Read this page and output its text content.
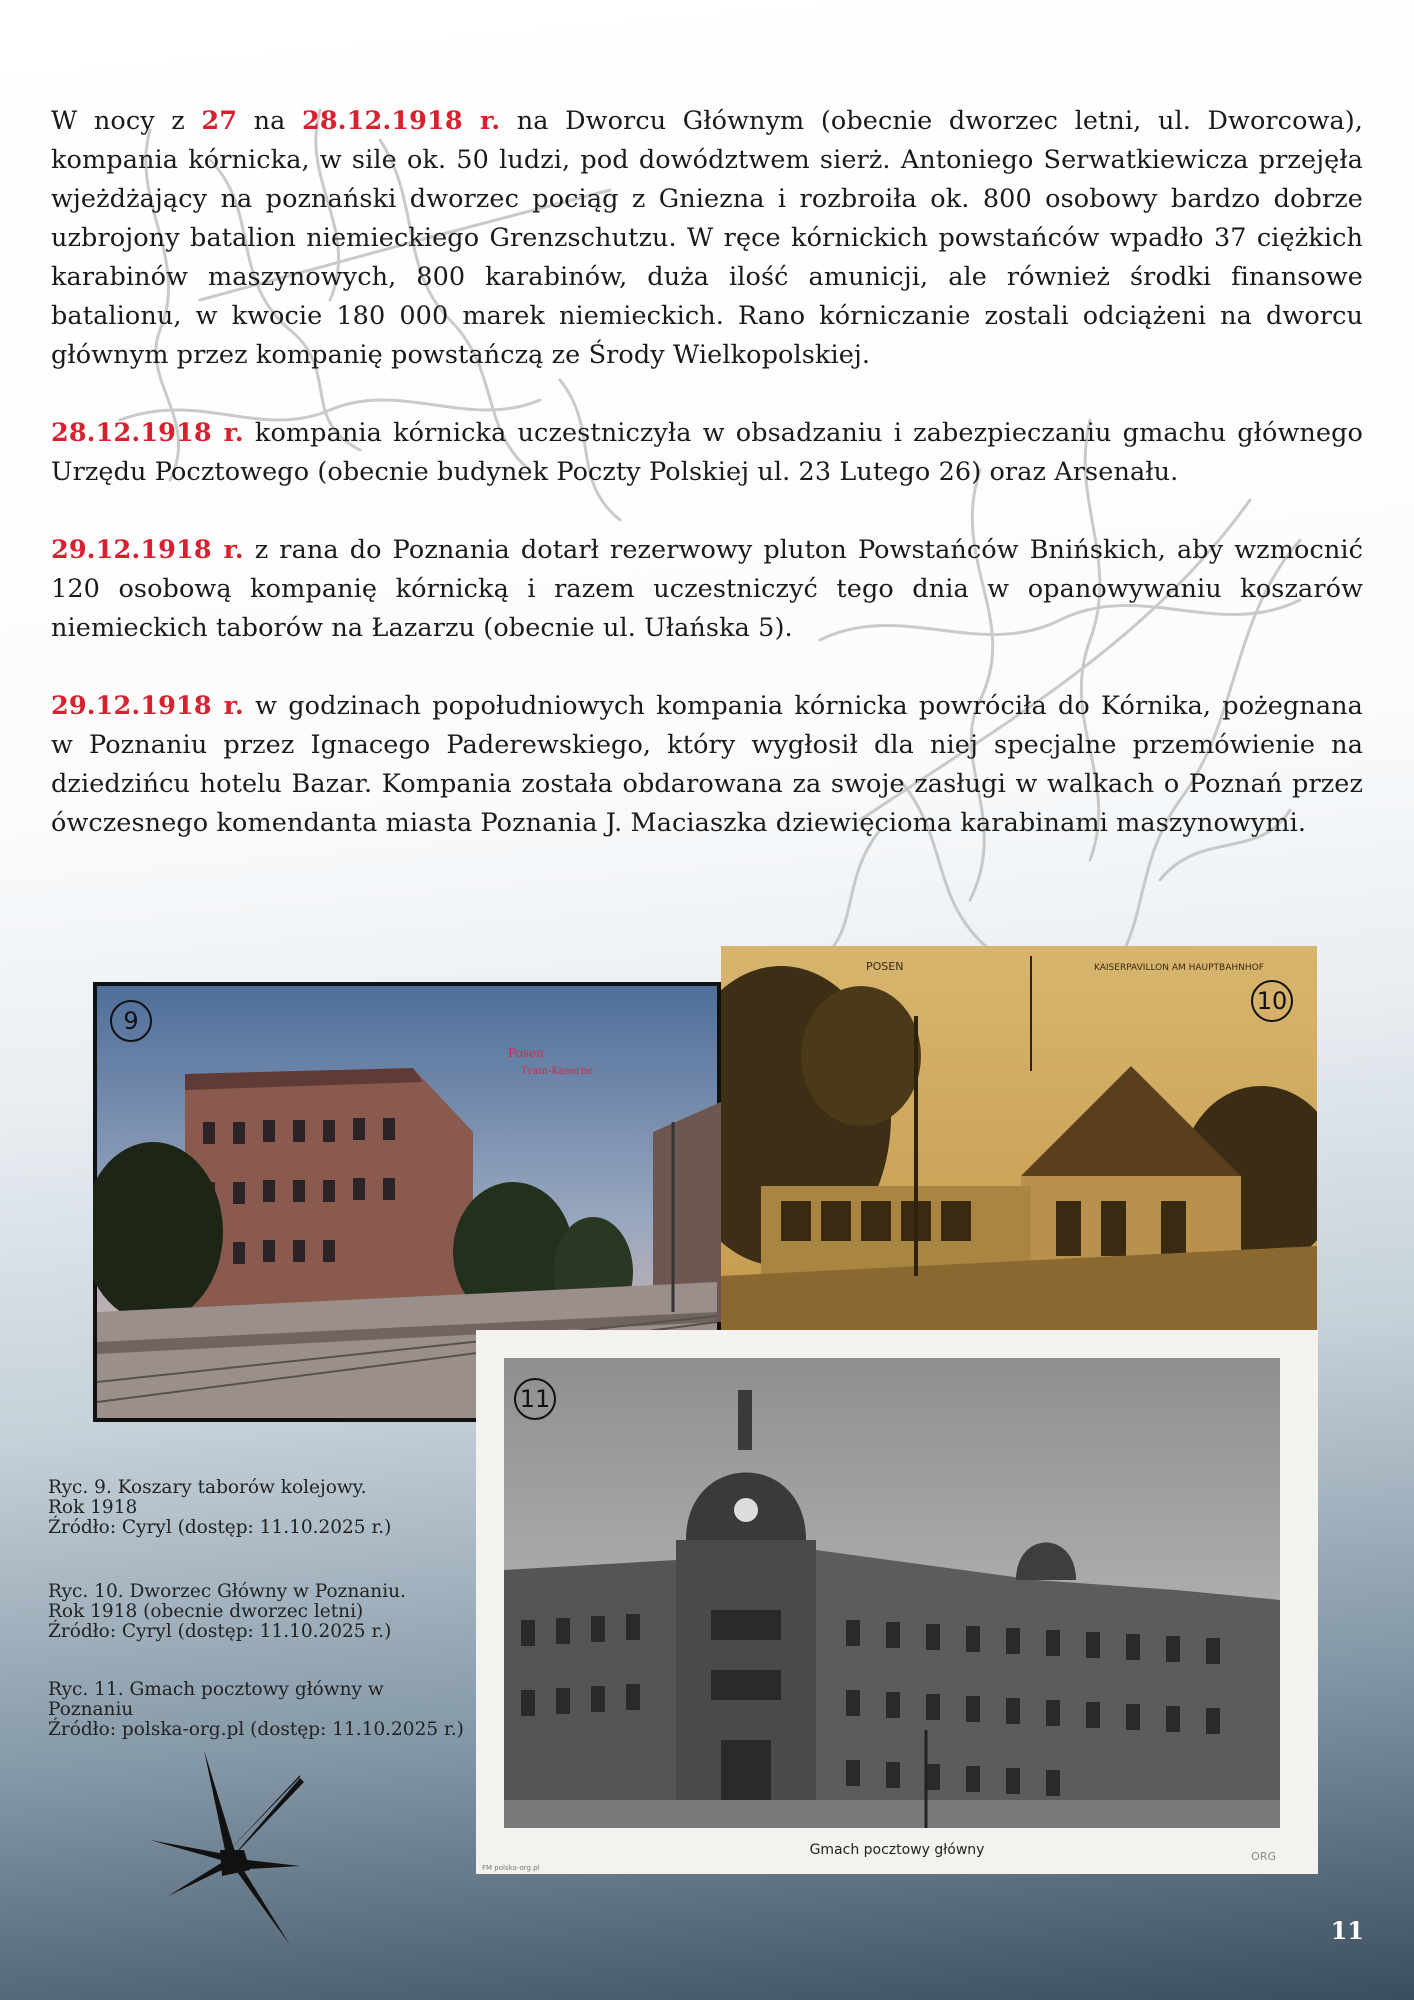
W nocy z 27 na 28.12.1918 r. na Dworcu Głównym (obecnie dworzec letni, ul. Dworcowa), kompania kórnicka, w sile ok. 50 ludzi, pod dowództwem sierż. Antoniego Serwatkiewicza przejęła wjeżdżający na poznański dworzec pociąg z Gniezna i rozbroiła ok. 800 osobowy bardzo dobrze uzbrojony batalion niemieckiego Grenzschutzu. W ręce kórnickich powstańców wpadło 37 ciężkich karabinów maszynowych, 800 karabinów, duża ilość amunicji, ale również środki finansowe batalionu, w kwocie 180 000 marek niemieckich. Rano kórniczanie zostali odciążeni na dworcu głównym przez kompanię powstańczą ze Środy Wielkopolskiej.

28.12.1918 r. kompania kórnicka uczestniczyła w obsadzaniu i zabezpieczaniu gmachu głównego Urzędu Pocztowego (obecnie budynek Poczty Polskiej ul. 23 Lutego 26) oraz Arsenału.

29.12.1918 r. z rana do Poznania dotarł rezerwowy pluton Powstańców Bnińskich, aby wzmocnić 120 osobową kompanię kórnicką i razem uczestniczyć tego dnia w opanowywaniu koszarów niemieckich taborów na Łazarzu (obecnie ul. Ułańska 5).

29.12.1918 r. w godzinach popołudniowych kompania kórnicka powróciła do Kórnika, pożegnana w Poznaniu przez Ignacego Paderewskiego, który wygłosił dla niej specjalne przemówienie na dziedzińcu hotelu Bazar. Kompania została obdarowana za swoje zasługi w walkach o Poznań przez ówczesnego komendanta miasta Poznania J. Maciaszka dziewięcioma karabinami maszynowymi.

Posen
Train-Kaserne
9
POSEN	KAISERPAVILLON AM HAUPTBAHNHOF
10
Gmach pocztowy główny	ORG
FM polska-org.pl
11
Ryc. 9. Koszary taborów kolejowy.
Rok 1918
Źródło: Cyryl (dostęp: 11.10.2025 r.)
Ryc. 10. Dworzec Główny w Poznaniu.
Rok 1918 (obecnie dworzec letni)
Źródło: Cyryl (dostęp: 11.10.2025 r.)
Ryc. 11. Gmach pocztowy główny w
Poznaniu
Źródło: polska-org.pl (dostęp: 11.10.2025 r.)
11
